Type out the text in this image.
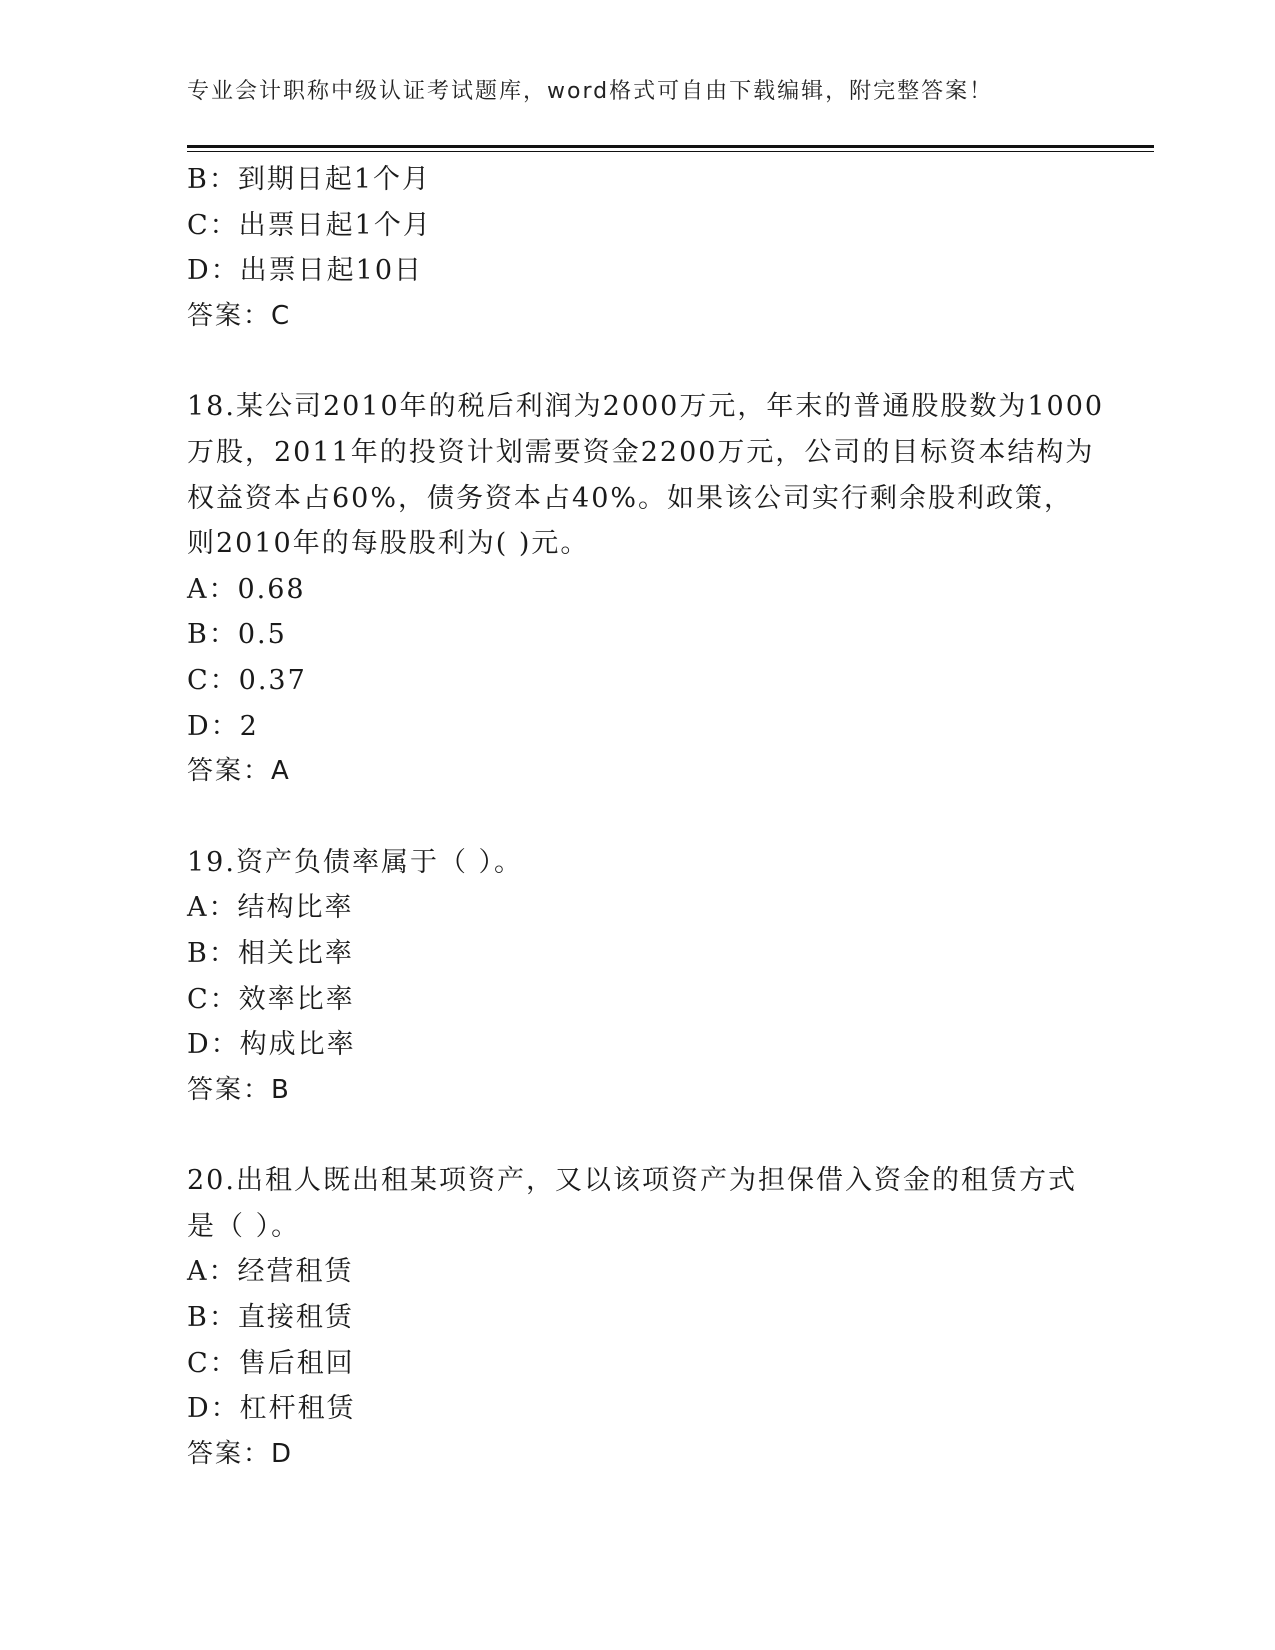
专业会计职称中级认证考试题库，word格式可自由下载编辑，附完整答案！
B：到期日起1个月
C：出票日起1个月
D：出票日起10日
答案：C
18.某公司2010年的税后利润为2000万元，年末的普通股股数为1000
万股，2011年的投资计划需要资金2200万元，公司的目标资本结构为
权益资本占60%，债务资本占40%。如果该公司实行剩余股利政策，
则2010年的每股股利为( )元。
A：0.68
B：0.5
C：0.37
D：2
答案：A
19.资产负债率属于（ ）。
A：结构比率
B：相关比率
C：效率比率
D：构成比率
答案：B
20.出租人既出租某项资产，又以该项资产为担保借入资金的租赁方式
是（ ）。
A：经营租赁
B：直接租赁
C：售后租回
D：杠杆租赁
答案：D
